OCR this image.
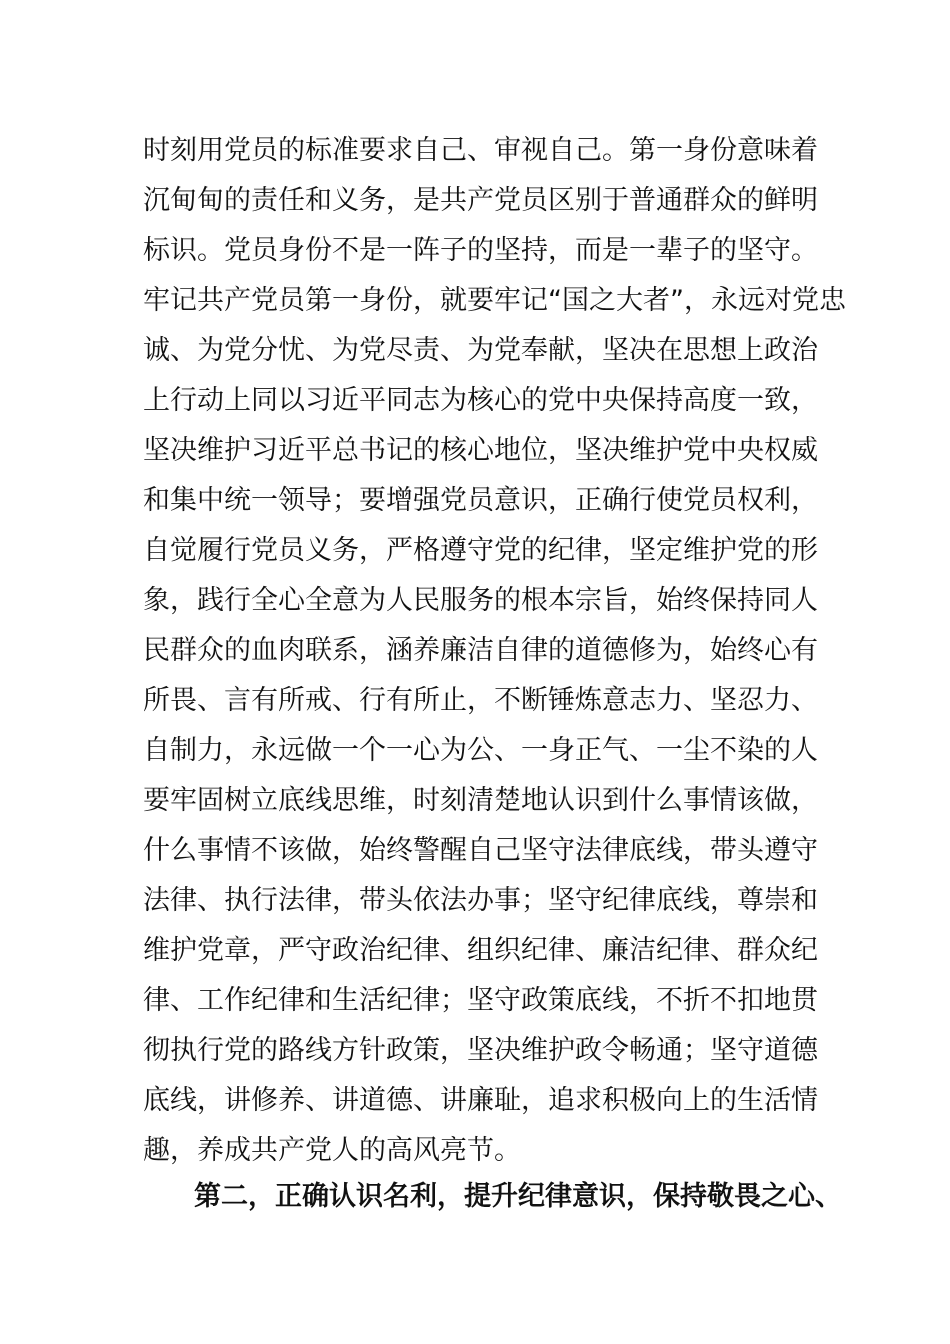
时刻用党员的标准要求自己、审视自己。第一身份意味着
沉甸甸的责任和义务，是共产党员区别于普通群众的鲜明
标识。党员身份不是一阵子的坚持，而是一辈子的坚守。
牢记共产党员第一身份，就要牢记“国之大者”，永远对党忠
诚、为党分忧、为党尽责、为党奉献，坚决在思想上政治
上行动上同以习近平同志为核心的党中央保持高度一致，
坚决维护习近平总书记的核心地位，坚决维护党中央权威
和集中统一领导；要增强党员意识，正确行使党员权利，
自觉履行党员义务，严格遵守党的纪律，坚定维护党的形
象，践行全心全意为人民服务的根本宗旨，始终保持同人
民群众的血肉联系，涵养廉洁自律的道德修为，始终心有
所畏、言有所戒、行有所止，不断锤炼意志力、坚忍力、
自制力，永远做一个一心为公、一身正气、一尘不染的人
要牢固树立底线思维，时刻清楚地认识到什么事情该做，
什么事情不该做，始终警醒自己坚守法律底线，带头遵守
法律、执行法律，带头依法办事；坚守纪律底线，尊崇和
维护党章，严守政治纪律、组织纪律、廉洁纪律、群众纪
律、工作纪律和生活纪律；坚守政策底线，不折不扣地贯
彻执行党的路线方针政策，坚决维护政令畅通；坚守道德
底线，讲修养、讲道德、讲廉耻，追求积极向上的生活情
趣，养成共产党人的高风亮节。
第二，正确认识名利，提升纪律意识，保持敬畏之心、
